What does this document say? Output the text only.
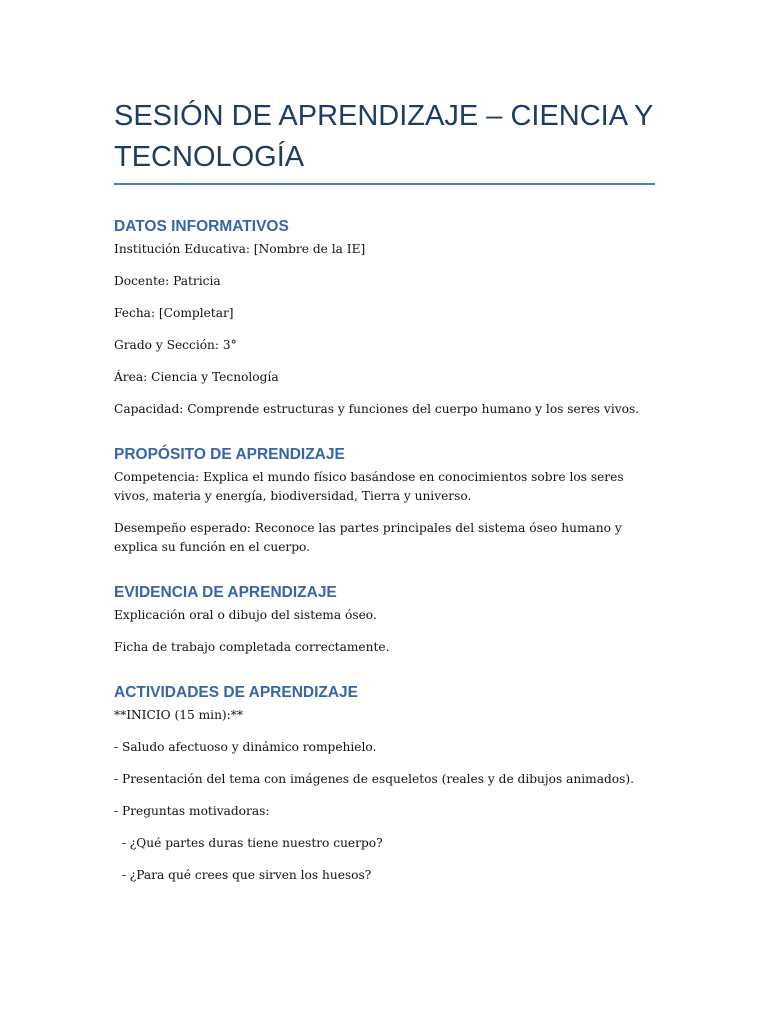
SESIÓN DE APRENDIZAJE – CIENCIA Y TECNOLOGÍA
DATOS INFORMATIVOS

Institución Educativa: [Nombre de la IE]

Docente: Patricia

Fecha: [Completar]

Grado y Sección: 3°

Área: Ciencia y Tecnología

Capacidad: Comprende estructuras y funciones del cuerpo humano y los seres vivos.

PROPÓSITO DE APRENDIZAJE

Competencia: Explica el mundo físico basándose en conocimientos sobre los seres vivos, materia y energía, biodiversidad, Tierra y universo.

Desempeño esperado: Reconoce las partes principales del sistema óseo humano y explica su función en el cuerpo.

EVIDENCIA DE APRENDIZAJE

Explicación oral o dibujo del sistema óseo.

Ficha de trabajo completada correctamente.

ACTIVIDADES DE APRENDIZAJE

**INICIO (15 min):**

- Saludo afectuoso y dinámico rompehielo.

- Presentación del tema con imágenes de esqueletos (reales y de dibujos animados).

- Preguntas motivadoras:

- ¿Qué partes duras tiene nuestro cuerpo?

- ¿Para qué crees que sirven los huesos?
